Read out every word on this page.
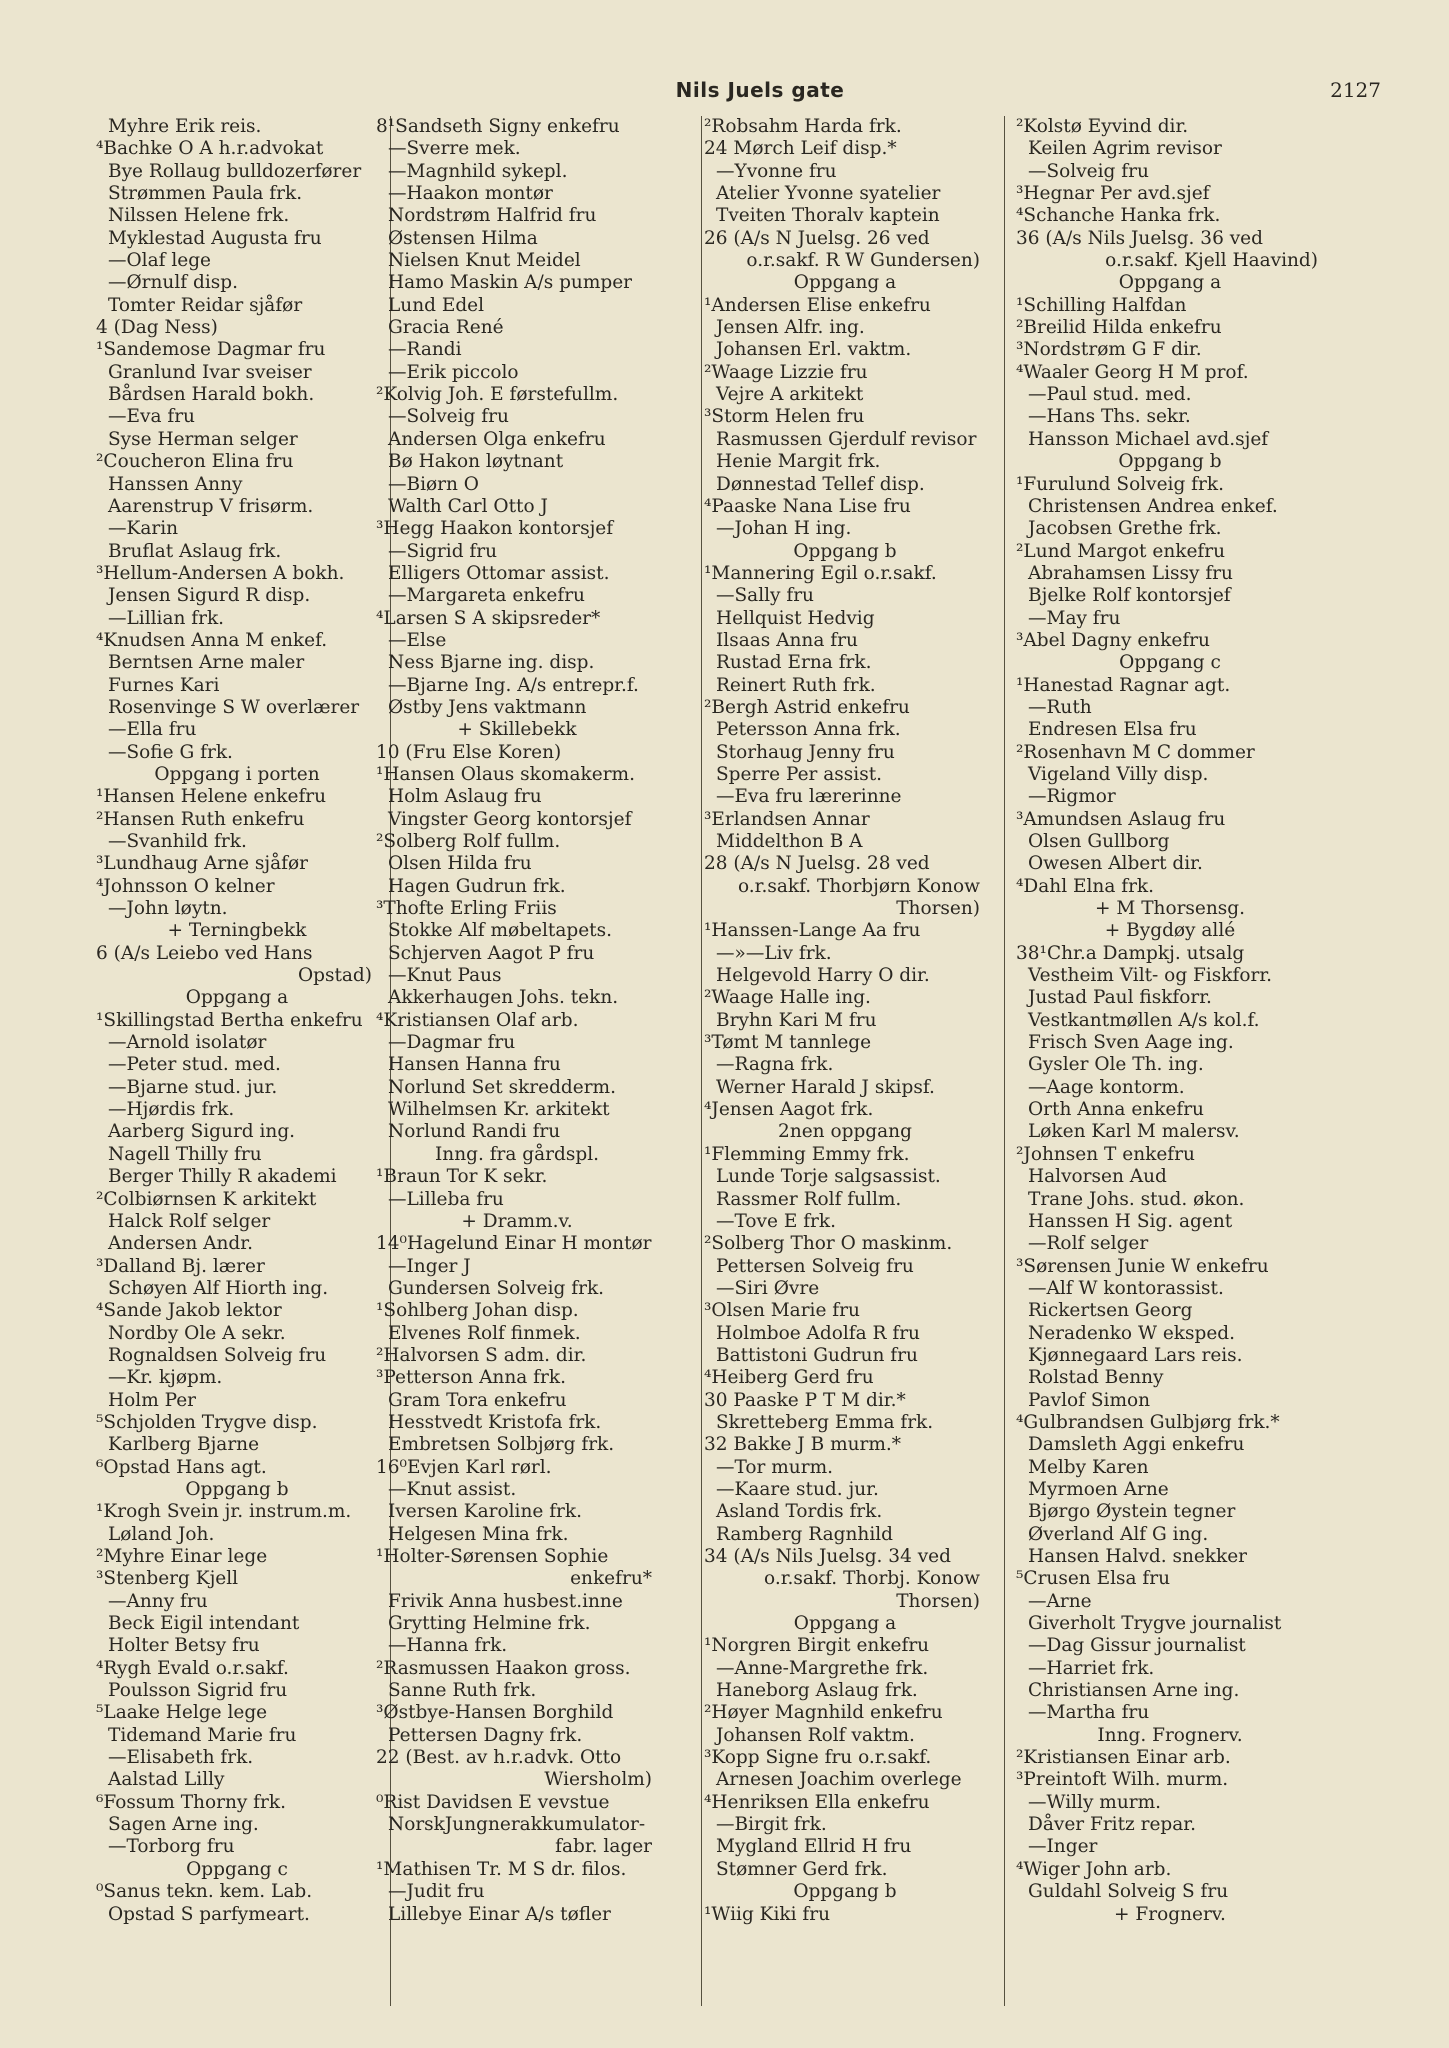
Nils Juels gate	2127
Myhre Erik reis.
⁴Bachke O A h.r.advokat
Bye Rollaug bulldozerfører
Strømmen Paula frk.
Nilssen Helene frk.
Myklestad Augusta fru
—Olaf lege
—Ørnulf disp.
Tomter Reidar sjåfør
4 (Dag Ness)
¹Sandemose Dagmar fru
Granlund Ivar sveiser
Bårdsen Harald bokh.
—Eva fru
Syse Herman selger
²Coucheron Elina fru
Hanssen Anny
Aarenstrup V frisørm.
—Karin
Bruflat Aslaug frk.
³Hellum-Andersen A bokh.
Jensen Sigurd R disp.
—Lillian frk.
⁴Knudsen Anna M enkef.
Berntsen Arne maler
Furnes Kari
Rosenvinge S W overlærer
—Ella fru
—Sofie G frk.
Oppgang i porten
¹Hansen Helene enkefru
²Hansen Ruth enkefru
—Svanhild frk.
³Lundhaug Arne sjåfør
⁴Johnsson O kelner
—John løytn.
+ Terningbekk
6 (A/s Leiebo ved Hans
Opstad)
Oppgang a
¹Skillingstad Bertha enkefru
—Arnold isolatør
—Peter stud. med.
—Bjarne stud. jur.
—Hjørdis frk.
Aarberg Sigurd ing.
Nagell Thilly fru
Berger Thilly R akademi
²Colbiørnsen K arkitekt
Halck Rolf selger
Andersen Andr.
³Dalland Bj. lærer
Schøyen Alf Hiorth ing.
⁴Sande Jakob lektor
Nordby Ole A sekr.
Rognaldsen Solveig fru
—Kr. kjøpm.
Holm Per
⁵Schjolden Trygve disp.
Karlberg Bjarne
⁶Opstad Hans agt.
Oppgang b
¹Krogh Svein jr. instrum.m.
Løland Joh.
²Myhre Einar lege
³Stenberg Kjell
—Anny fru
Beck Eigil intendant
Holter Betsy fru
⁴Rygh Evald o.r.sakf.
Poulsson Sigrid fru
⁵Laake Helge lege
Tidemand Marie fru
—Elisabeth frk.
Aalstad Lilly
⁶Fossum Thorny frk.
Sagen Arne ing.
—Torborg fru
Oppgang c
⁰Sanus tekn. kem. Lab.
Opstad S parfymeart.
8¹Sandseth Signy enkefru
—Sverre mek.
—Magnhild sykepl.
—Haakon montør
Nordstrøm Halfrid fru
Østensen Hilma
Nielsen Knut Meidel
Hamo Maskin A/s pumper
Lund Edel
Gracia René
—Randi
—Erik piccolo
²Kolvig Joh. E førstefullm.
—Solveig fru
Andersen Olga enkefru
Bø Hakon løytnant
—Biørn O
Walth Carl Otto J
³Hegg Haakon kontorsjef
—Sigrid fru
Elligers Ottomar assist.
—Margareta enkefru
⁴Larsen S A skipsreder*
—Else
Ness Bjarne ing. disp.
—Bjarne Ing. A/s entrepr.f.
Østby Jens vaktmann
+ Skillebekk
10 (Fru Else Koren)
¹Hansen Olaus skomakerm.
Holm Aslaug fru
Vingster Georg kontorsjef
²Solberg Rolf fullm.
Olsen Hilda fru
Hagen Gudrun frk.
³Thofte Erling Friis
Stokke Alf møbeltapets.
Schjerven Aagot P fru
—Knut Paus
Akkerhaugen Johs. tekn.
⁴Kristiansen Olaf arb.
—Dagmar fru
Hansen Hanna fru
Norlund Set skredderm.
Wilhelmsen Kr. arkitekt
Norlund Randi fru
Inng. fra gårdspl.
¹Braun Tor K sekr.
—Lilleba fru
+ Dramm.v.
14⁰Hagelund Einar H montør
—Inger J
Gundersen Solveig frk.
¹Sohlberg Johan disp.
Elvenes Rolf finmek.
²Halvorsen S adm. dir.
³Petterson Anna frk.
Gram Tora enkefru
Hesstvedt Kristofa frk.
Embretsen Solbjørg frk.
16⁰Evjen Karl rørl.
—Knut assist.
Iversen Karoline frk.
Helgesen Mina frk.
¹Holter-Sørensen Sophie
enkefru*
Frivik Anna husbest.inne
Grytting Helmine frk.
—Hanna frk.
²Rasmussen Haakon gross.
Sanne Ruth frk.
³Østbye-Hansen Borghild
Pettersen Dagny frk.
22 (Best. av h.r.advk. Otto
Wiersholm)
⁰Rist Davidsen E vevstue
NorskJungnerakkumulator-
fabr. lager
¹Mathisen Tr. M S dr. filos.
—Judit fru
Lillebye Einar A/s tøfler
²Robsahm Harda frk.
24 Mørch Leif disp.*
—Yvonne fru
Atelier Yvonne syatelier
Tveiten Thoralv kaptein
26 (A/s N Juelsg. 26 ved
o.r.sakf. R W Gundersen)
Oppgang a
¹Andersen Elise enkefru
Jensen Alfr. ing.
Johansen Erl. vaktm.
²Waage Lizzie fru
Vejre A arkitekt
³Storm Helen fru
Rasmussen Gjerdulf revisor
Henie Margit frk.
Dønnestad Tellef disp.
⁴Paaske Nana Lise fru
—Johan H ing.
Oppgang b
¹Mannering Egil o.r.sakf.
—Sally fru
Hellquist Hedvig
Ilsaas Anna fru
Rustad Erna frk.
Reinert Ruth frk.
²Bergh Astrid enkefru
Petersson Anna frk.
Storhaug Jenny fru
Sperre Per assist.
—Eva fru lærerinne
³Erlandsen Annar
Middelthon B A
28 (A/s N Juelsg. 28 ved
o.r.sakf. Thorbjørn Konow
Thorsen)
¹Hanssen-Lange Aa fru
—»—Liv frk.
Helgevold Harry O dir.
²Waage Halle ing.
Bryhn Kari M fru
³Tømt M tannlege
—Ragna frk.
Werner Harald J skipsf.
⁴Jensen Aagot frk.
2nen oppgang
¹Flemming Emmy frk.
Lunde Torje salgsassist.
Rassmer Rolf fullm.
—Tove E frk.
²Solberg Thor O maskinm.
Pettersen Solveig fru
—Siri Øvre
³Olsen Marie fru
Holmboe Adolfa R fru
Battistoni Gudrun fru
⁴Heiberg Gerd fru
30 Paaske P T M dir.*
Skretteberg Emma frk.
32 Bakke J B murm.*
—Tor murm.
—Kaare stud. jur.
Asland Tordis frk.
Ramberg Ragnhild
34 (A/s Nils Juelsg. 34 ved
o.r.sakf. Thorbj. Konow
Thorsen)
Oppgang a
¹Norgren Birgit enkefru
—Anne-Margrethe frk.
Haneborg Aslaug frk.
²Høyer Magnhild enkefru
Johansen Rolf vaktm.
³Kopp Signe fru o.r.sakf.
Arnesen Joachim overlege
⁴Henriksen Ella enkefru
—Birgit frk.
Mygland Ellrid H fru
Stømner Gerd frk.
Oppgang b
¹Wiig Kiki fru
²Kolstø Eyvind dir.
Keilen Agrim revisor
—Solveig fru
³Hegnar Per avd.sjef
⁴Schanche Hanka frk.
36 (A/s Nils Juelsg. 36 ved
o.r.sakf. Kjell Haavind)
Oppgang a
¹Schilling Halfdan
²Breilid Hilda enkefru
³Nordstrøm G F dir.
⁴Waaler Georg H M prof.
—Paul stud. med.
—Hans Ths. sekr.
Hansson Michael avd.sjef
Oppgang b
¹Furulund Solveig frk.
Christensen Andrea enkef.
Jacobsen Grethe frk.
²Lund Margot enkefru
Abrahamsen Lissy fru
Bjelke Rolf kontorsjef
—May fru
³Abel Dagny enkefru
Oppgang c
¹Hanestad Ragnar agt.
—Ruth
Endresen Elsa fru
²Rosenhavn M C dommer
Vigeland Villy disp.
—Rigmor
³Amundsen Aslaug fru
Olsen Gullborg
Owesen Albert dir.
⁴Dahl Elna frk.
+ M Thorsensg.
+ Bygdøy allé
38¹Chr.a Dampkj. utsalg
Vestheim Vilt- og Fiskforr.
Justad Paul fiskforr.
Vestkantmøllen A/s kol.f.
Frisch Sven Aage ing.
Gysler Ole Th. ing.
—Aage kontorm.
Orth Anna enkefru
Løken Karl M malersv.
²Johnsen T enkefru
Halvorsen Aud
Trane Johs. stud. økon.
Hanssen H Sig. agent
—Rolf selger
³Sørensen Junie W enkefru
—Alf W kontorassist.
Rickertsen Georg
Neradenko W eksped.
Kjønnegaard Lars reis.
Rolstad Benny
Pavlof Simon
⁴Gulbrandsen Gulbjørg frk.*
Damsleth Aggi enkefru
Melby Karen
Myrmoen Arne
Bjørgo Øystein tegner
Øverland Alf G ing.
Hansen Halvd. snekker
⁵Crusen Elsa fru
—Arne
Giverholt Trygve journalist
—Dag Gissur journalist
—Harriet frk.
Christiansen Arne ing.
—Martha fru
Inng. Frognerv.
²Kristiansen Einar arb.
³Preintoft Wilh. murm.
—Willy murm.
Dåver Fritz repar.
—Inger
⁴Wiger John arb.
Guldahl Solveig S fru
+ Frognerv.
